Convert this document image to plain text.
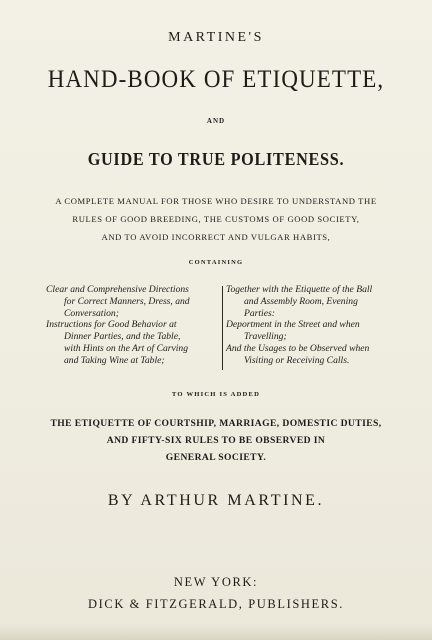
MARTINE'S
HAND-BOOK OF ETIQUETTE,
AND
GUIDE TO TRUE POLITENESS.
A COMPLETE MANUAL FOR THOSE WHO DESIRE TO UNDERSTAND THE
RULES OF GOOD BREEDING, THE CUSTOMS OF GOOD SOCIETY,
AND TO AVOID INCORRECT AND VULGAR HABITS,
CONTAINING
Clear and Comprehensive Directions
for Correct Manners, Dress, and
Conversation;
Instructions for Good Behavior at
Dinner Parties, and the Table,
with Hints on the Art of Carving
and Taking Wine at Table;
Together with the Etiquette of the Ball
and Assembly Room, Evening
Parties:
Deportment in the Street and when
Travelling;
And the Usages to be Observed when
Visiting or Receiving Calls.
TO WHICH IS ADDED
THE ETIQUETTE OF COURTSHIP, MARRIAGE, DOMESTIC DUTIES,
AND FIFTY-SIX RULES TO BE OBSERVED IN
GENERAL SOCIETY.
BY ARTHUR MARTINE.
NEW YORK:
DICK & FITZGERALD, PUBLISHERS.
